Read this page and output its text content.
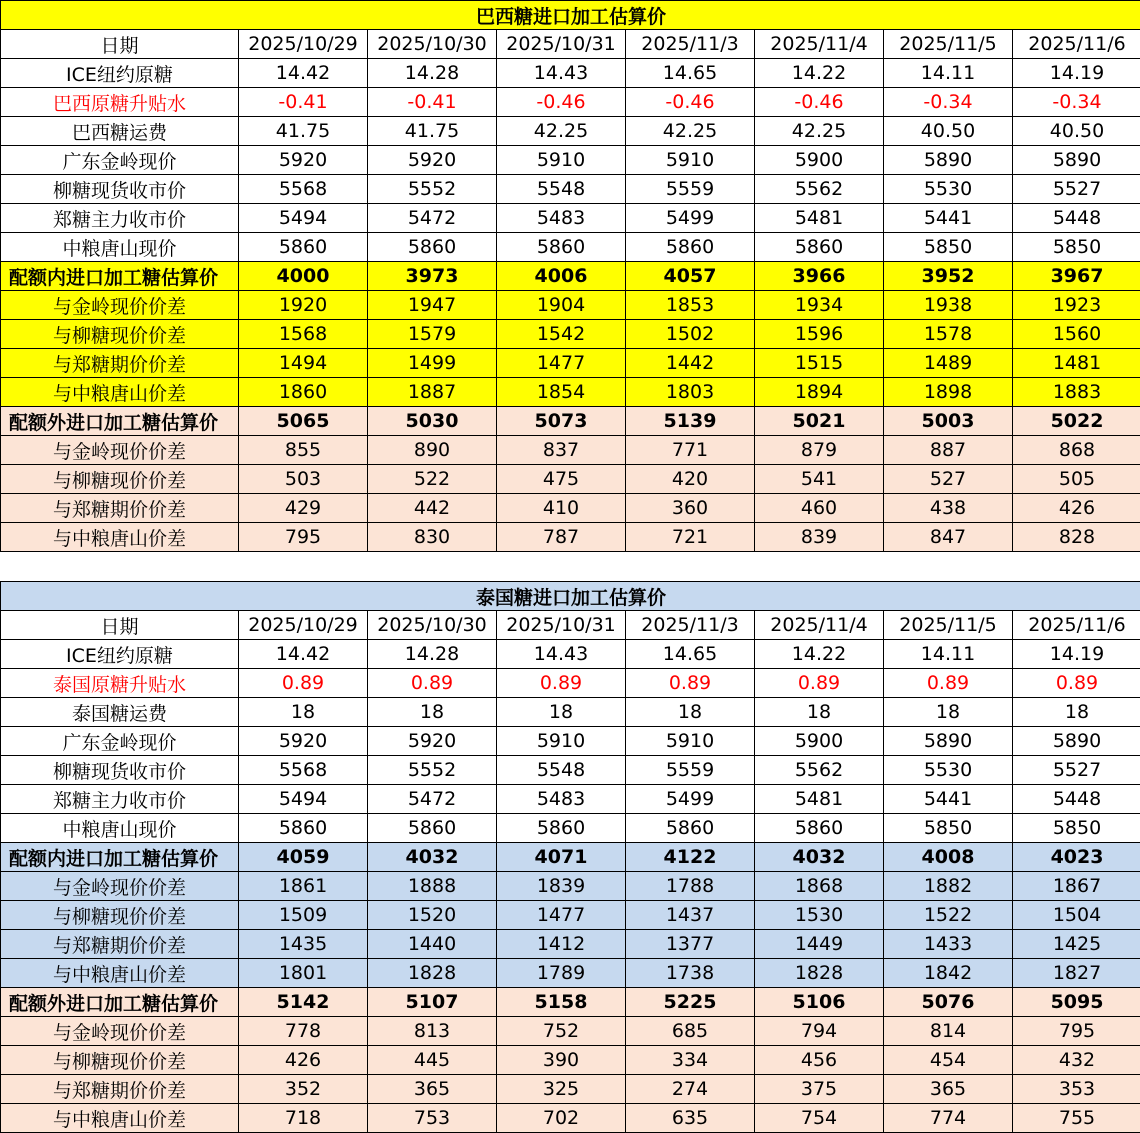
巴西糖进口加工估算价							
日期	2025/10/29	2025/10/30	2025/10/31	2025/11/3	2025/11/4	2025/11/5	2025/11/6
ICE纽约原糖	14.42	14.28	14.43	14.65	14.22	14.11	14.19
巴西原糖升贴水	-0.41	-0.41	-0.46	-0.46	-0.46	-0.34	-0.34
巴西糖运费	41.75	41.75	42.25	42.25	42.25	40.50	40.50
广东金岭现价	5920	5920	5910	5910	5900	5890	5890
柳糖现货收市价	5568	5552	5548	5559	5562	5530	5527
郑糖主力收市价	5494	5472	5483	5499	5481	5441	5448
中粮唐山现价	5860	5860	5860	5860	5860	5850	5850
配额内进口加工糖估算价	4000	3973	4006	4057	3966	3952	3967
与金岭现价价差	1920	1947	1904	1853	1934	1938	1923
与柳糖现价价差	1568	1579	1542	1502	1596	1578	1560
与郑糖期价价差	1494	1499	1477	1442	1515	1489	1481
与中粮唐山价差	1860	1887	1854	1803	1894	1898	1883
配额外进口加工糖估算价	5065	5030	5073	5139	5021	5003	5022
与金岭现价价差	855	890	837	771	879	887	868
与柳糖现价价差	503	522	475	420	541	527	505
与郑糖期价价差	429	442	410	360	460	438	426
与中粮唐山价差	795	830	787	721	839	847	828
泰国糖进口加工估算价							
日期	2025/10/29	2025/10/30	2025/10/31	2025/11/3	2025/11/4	2025/11/5	2025/11/6
ICE纽约原糖	14.42	14.28	14.43	14.65	14.22	14.11	14.19
泰国原糖升贴水	0.89	0.89	0.89	0.89	0.89	0.89	0.89
泰国糖运费	18	18	18	18	18	18	18
广东金岭现价	5920	5920	5910	5910	5900	5890	5890
柳糖现货收市价	5568	5552	5548	5559	5562	5530	5527
郑糖主力收市价	5494	5472	5483	5499	5481	5441	5448
中粮唐山现价	5860	5860	5860	5860	5860	5850	5850
配额内进口加工糖估算价	4059	4032	4071	4122	4032	4008	4023
与金岭现价价差	1861	1888	1839	1788	1868	1882	1867
与柳糖现价价差	1509	1520	1477	1437	1530	1522	1504
与郑糖期价价差	1435	1440	1412	1377	1449	1433	1425
与中粮唐山价差	1801	1828	1789	1738	1828	1842	1827
配额外进口加工糖估算价	5142	5107	5158	5225	5106	5076	5095
与金岭现价价差	778	813	752	685	794	814	795
与柳糖现价价差	426	445	390	334	456	454	432
与郑糖期价价差	352	365	325	274	375	365	353
与中粮唐山价差	718	753	702	635	754	774	755
